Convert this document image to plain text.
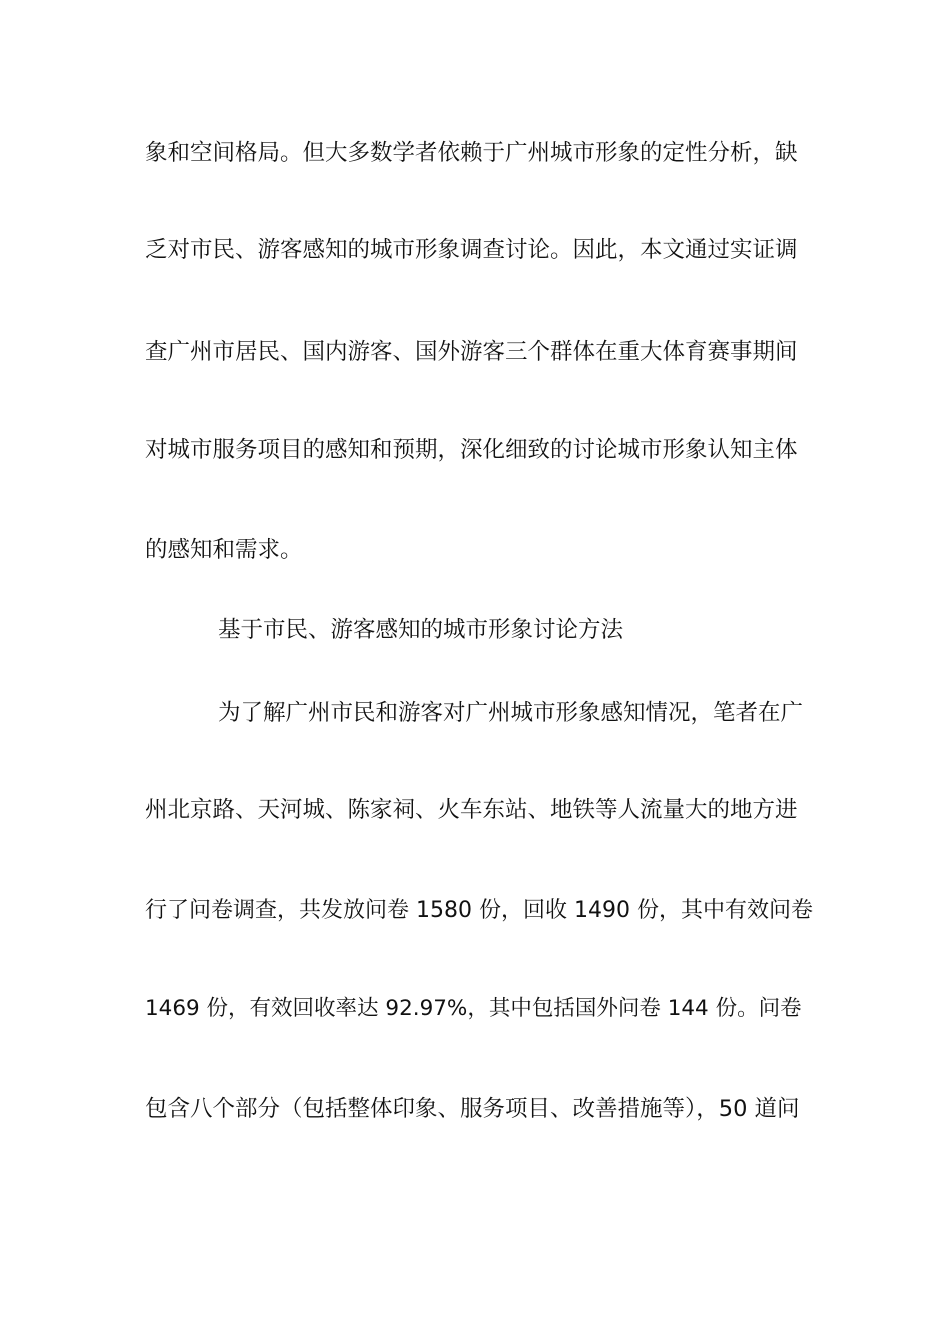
象和空间格局。但大多数学者依赖于广州城市形象的定性分析，缺
乏对市民、游客感知的城市形象调查讨论。因此，本文通过实证调
查广州市居民、国内游客、国外游客三个群体在重大体育赛事期间
对城市服务项目的感知和预期，深化细致的讨论城市形象认知主体
的感知和需求。
基于市民、游客感知的城市形象讨论方法
为了解广州市民和游客对广州城市形象感知情况，笔者在广
州北京路、天河城、陈家祠、火车东站、地铁等人流量大的地方进
行了问卷调查，共发放问卷 1580 份，回收 1490 份，其中有效问卷
1469 份，有效回收率达 92.97%，其中包括国外问卷 144 份。问卷
包含八个部分（包括整体印象、服务项目、改善措施等），50 道问
